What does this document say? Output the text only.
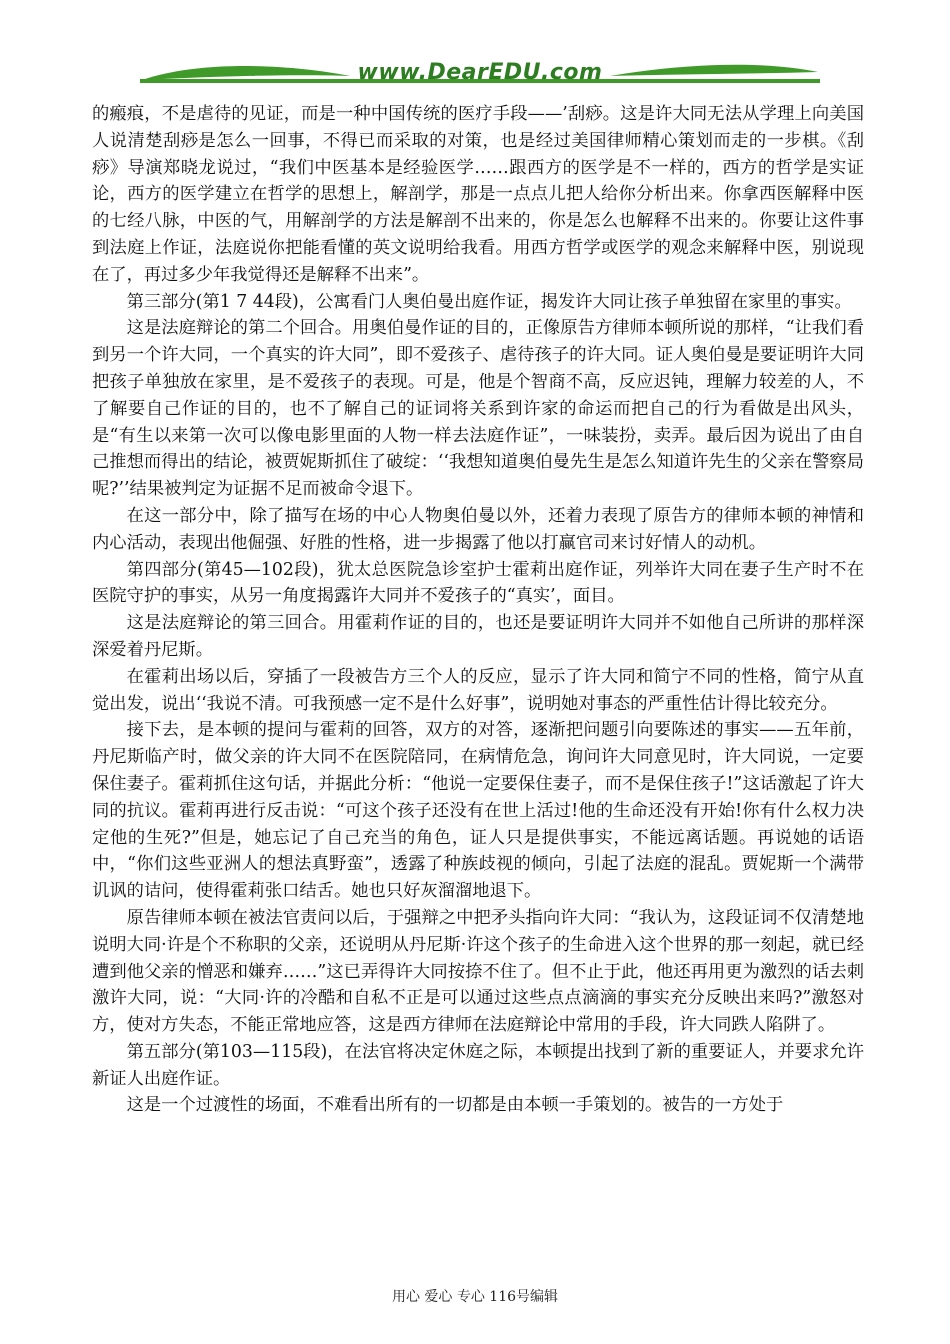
www.DearEDU.com

的瘢痕，不是虐待的见证，而是一种中国传统的医疗手段——’刮痧。这是许大同无法从学理上向美国人说清楚刮痧是怎么一回事，不得已而采取的对策，也是经过美国律师精心策划而走的一步棋。《刮痧》导演郑晓龙说过，“我们中医基本是经验医学……跟西方的医学是不一样的，西方的哲学是实证论，西方的医学建立在哲学的思想上，解剖学，那是一点点儿把人给你分析出来。你拿西医解释中医的七经八脉，中医的气，用解剖学的方法是解剖不出来的，你是怎么也解释不出来的。你要让这件事到法庭上作证，法庭说你把能看懂的英文说明给我看。用西方哲学或医学的观念来解释中医，别说现在了，再过多少年我觉得还是解释不出来”。

第三部分(第1 7 44段)，公寓看门人奥伯曼出庭作证，揭发许大同让孩子单独留在家里的事实。

这是法庭辩论的第二个回合。用奥伯曼作证的目的，正像原告方律师本顿所说的那样，“让我们看到另一个许大同，一个真实的许大同”，即不爱孩子、虐待孩子的许大同。证人奥伯曼是要证明许大同把孩子单独放在家里，是不爱孩子的表现。可是，他是个智商不高，反应迟钝，理解力较差的人，不了解要自己作证的目的，也不了解自己的证词将关系到许家的命运而把自己的行为看做是出风头，是“有生以来第一次可以像电影里面的人物一样去法庭作证”，一味装扮，卖弄。最后因为说出了由自己推想而得出的结论，被贾妮斯抓住了破绽：‘‘我想知道奥伯曼先生是怎么知道许先生的父亲在警察局呢?’’结果被判定为证据不足而被命令退下。

在这一部分中，除了描写在场的中心人物奥伯曼以外，还着力表现了原告方的律师本顿的神情和内心活动，表现出他倔强、好胜的性格，进一步揭露了他以打赢官司来讨好情人的动机。

第四部分(第45—102段)，犹太总医院急诊室护士霍莉出庭作证，列举许大同在妻子生产时不在医院守护的事实，从另一角度揭露许大同并不爱孩子的“真实’，面目。

这是法庭辩论的第三回合。用霍莉作证的目的，也还是要证明许大同并不如他自己所讲的那样深深爱着丹尼斯。

在霍莉出场以后，穿插了一段被告方三个人的反应，显示了许大同和简宁不同的性格，简宁从直觉出发，说出‘‘我说不清。可我预感一定不是什么好事”，说明她对事态的严重性估计得比较充分。

接下去，是本顿的提问与霍莉的回答，双方的对答，逐渐把问题引向要陈述的事实——五年前，丹尼斯临产时，做父亲的许大同不在医院陪同，在病情危急，询问许大同意见时，许大同说，一定要保住妻子。霍莉抓住这句话，并据此分析：“他说一定要保住妻子，而不是保住孩子!”这话激起了许大同的抗议。霍莉再进行反击说：“可这个孩子还没有在世上活过!他的生命还没有开始!你有什么权力决定他的生死?”但是，她忘记了自己充当的角色，证人只是提供事实，不能远离话题。再说她的话语中，“你们这些亚洲人的想法真野蛮”，透露了种族歧视的倾向，引起了法庭的混乱。贾妮斯一个满带讥讽的诘问，使得霍莉张口结舌。她也只好灰溜溜地退下。

原告律师本顿在被法官责问以后，于强辩之中把矛头指向许大同：“我认为，这段证词不仅清楚地说明大同·许是个不称职的父亲，还说明从丹尼斯·许这个孩子的生命进入这个世界的那一刻起，就已经遭到他父亲的憎恶和嫌弃……”这已弄得许大同按捺不住了。但不止于此，他还再用更为激烈的话去刺激许大同，说：“大同·许的冷酷和自私不正是可以通过这些点点滴滴的事实充分反映出来吗?”激怒对方，使对方失态，不能正常地应答，这是西方律师在法庭辩论中常用的手段，许大同跌人陷阱了。

第五部分(第103—115段)，在法官将决定休庭之际，本顿提出找到了新的重要证人，并要求允许新证人出庭作证。

这是一个过渡性的场面，不难看出所有的一切都是由本顿一手策划的。被告的一方处于

用心 爱心 专心 116号编辑
